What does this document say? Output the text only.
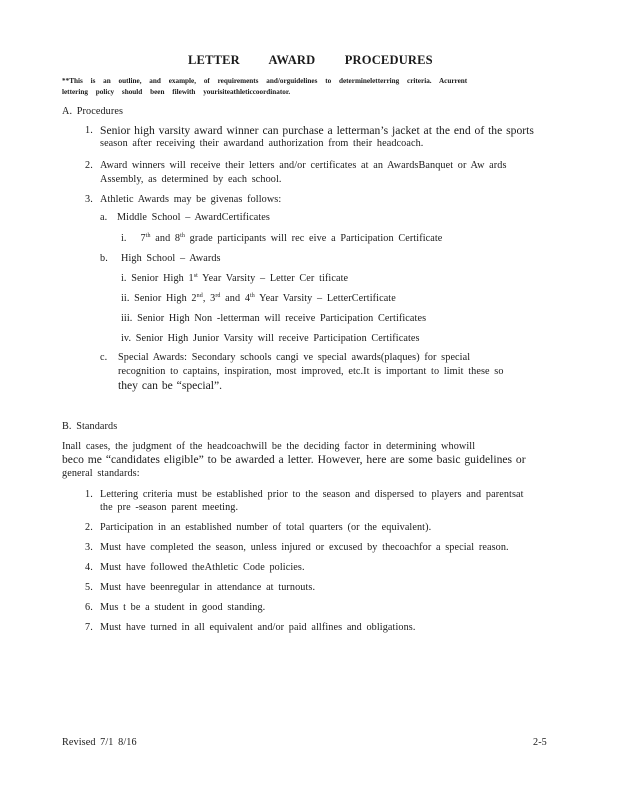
LETTER AWARD PROCEDURES
**This is an outline, and example, of requirements and/orguidelines to determineletterring criteria. Acurrent
lettering policy should been filewith yourisiteathleticcoordinator.
A. Procedures
1. Senior high varsity award winner can purchase a letterman’s jacket at the end of the sports
season after receiving their awardand authorization from their headcoach.
2. Award winners will receive their letters and/or certificates at an AwardsBanquet or Aw ards
Assembly, as determined by each school.
3. Athletic Awards may be givenas follows:
a. Middle School – AwardCertificates
i. 7th and 8th grade participants will rec eive a Participation Certificate
b. High School – Awards
i. Senior High 1st Year Varsity – Letter Cer tificate
ii. Senior High 2nd, 3rd and 4th Year Varsity – LetterCertificate
iii. Senior High Non -letterman will receive Participation Certificates
iv. Senior High Junior Varsity will receive Participation Certificates
c. Special Awards: Secondary schools cangi ve special awards(plaques) for special
recognition to captains, inspiration, most improved, etc.It is important to limit these so
they can be “special”.
B. Standards
Inall cases, the judgment of the headcoachwill be the deciding factor in determining whowill
beco me “candidates eligible” to be awarded a letter. However, here are some basic guidelines or
general standards:
1. Lettering criteria must be established prior to the season and dispersed to players and parentsat
the pre -season parent meeting.
2. Participation in an established number of total quarters (or the equivalent).
3. Must have completed the season, unless injured or excused by thecoachfor a special reason.
4. Must have followed theAthletic Code policies.
5. Must have beenregular in attendance at turnouts.
6. Mus t be a student in good standing.
7. Must have turned in all equivalent and/or paid allfines and obligations.
Revised 7/1 8/16	2-5
